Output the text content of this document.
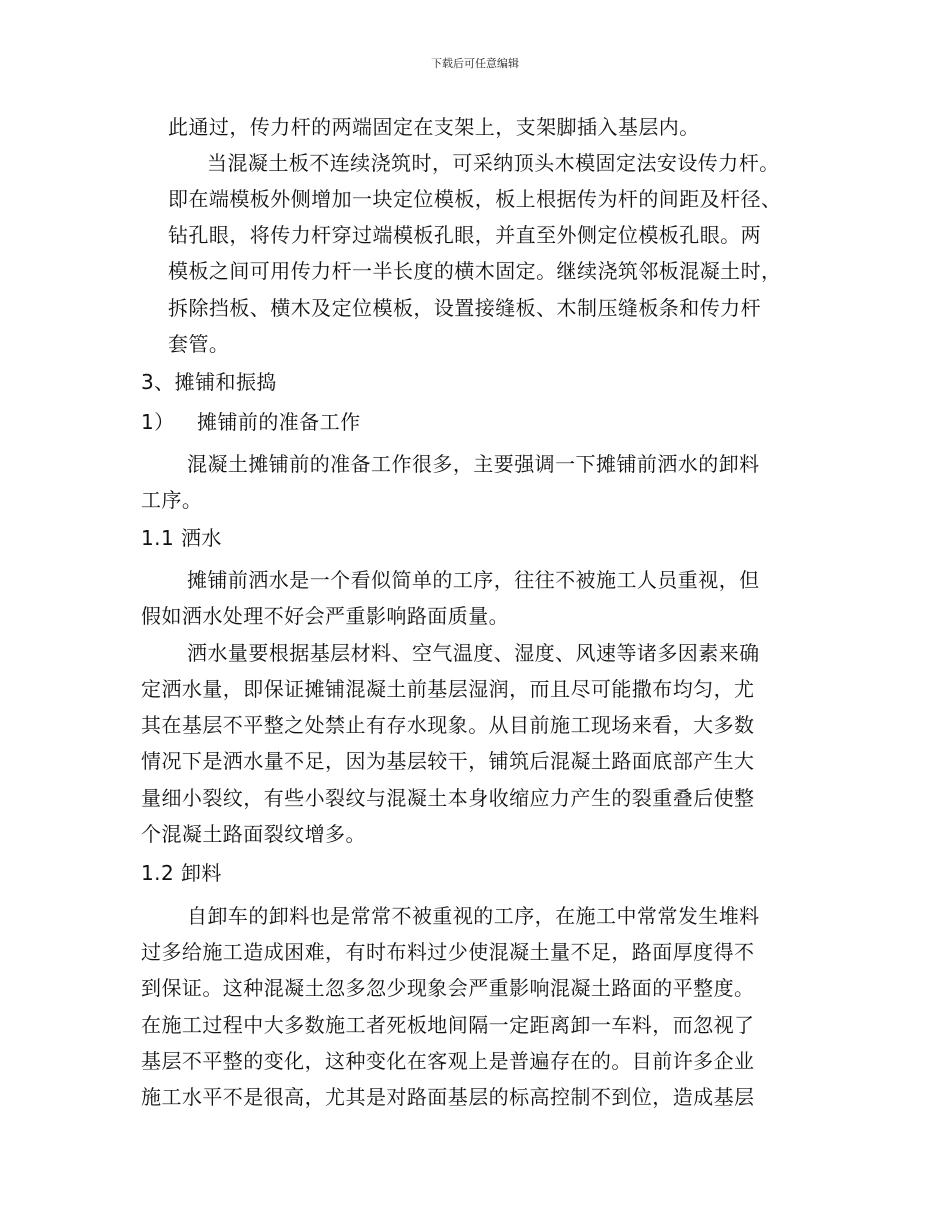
下载后可任意编辑
此通过，传力杆的两端固定在支架上，支架脚插入基层内。
当混凝土板不连续浇筑时，可采纳顶头木模固定法安设传力杆。
即在端模板外侧增加一块定位模板，板上根据传为杆的间距及杆径、
钻孔眼，将传力杆穿过端模板孔眼，并直至外侧定位模板孔眼。两
模板之间可用传力杆一半长度的横木固定。继续浇筑邻板混凝土时，
拆除挡板、横木及定位模板，设置接缝板、木制压缝板条和传力杆
套管。
3、摊铺和振捣
1） 摊铺前的准备工作
混凝土摊铺前的准备工作很多，主要强调一下摊铺前洒水的卸料
工序。
1.1 洒水
摊铺前洒水是一个看似简单的工序，往往不被施工人员重视，但
假如洒水处理不好会严重影响路面质量。
洒水量要根据基层材料、空气温度、湿度、风速等诸多因素来确
定洒水量，即保证摊铺混凝土前基层湿润，而且尽可能撒布均匀，尤
其在基层不平整之处禁止有存水现象。从目前施工现场来看，大多数
情况下是洒水量不足，因为基层较干，铺筑后混凝土路面底部产生大
量细小裂纹，有些小裂纹与混凝土本身收缩应力产生的裂重叠后使整
个混凝土路面裂纹增多。
1.2 卸料
自卸车的卸料也是常常不被重视的工序，在施工中常常发生堆料
过多给施工造成困难，有时布料过少使混凝土量不足，路面厚度得不
到保证。这种混凝土忽多忽少现象会严重影响混凝土路面的平整度。
在施工过程中大多数施工者死板地间隔一定距离卸一车料，而忽视了
基层不平整的变化，这种变化在客观上是普遍存在的。目前许多企业
施工水平不是很高，尤其是对路面基层的标高控制不到位，造成基层
